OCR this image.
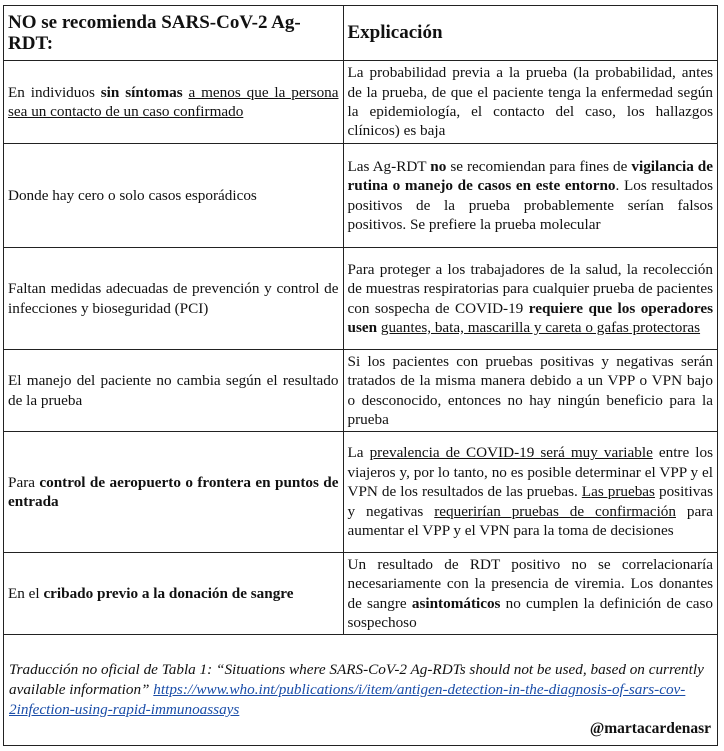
NO se recomienda SARS-CoV-2 Ag-RDT:	Explicación
En individuos sin síntomas a menos que la persona sea un contacto de un caso confirmado	La probabilidad previa a la prueba (la probabilidad, antes de la prueba, de que el paciente tenga la enfermedad según la epidemiología, el contacto del caso, los hallazgos clínicos) es baja
Donde hay cero o solo casos esporádicos	Las Ag-RDT no se recomiendan para fines de vigilancia de rutina o manejo de casos en este entorno. Los resultados positivos de la prueba probablemente serían falsos positivos. Se prefiere la prueba molecular
Faltan medidas adecuadas de prevención y control de infecciones y bioseguridad (PCI)	Para proteger a los trabajadores de la salud, la recolección de muestras respiratorias para cualquier prueba de pacientes con sospecha de COVID-19 requiere que los operadores usen guantes, bata, mascarilla y careta o gafas protectoras
El manejo del paciente no cambia según el resultado de la prueba	Si los pacientes con pruebas positivas y negativas serán tratados de la misma manera debido a un VPP o VPN bajo o desconocido, entonces no hay ningún beneficio para la prueba
Para control de aeropuerto o frontera en puntos de entrada	La prevalencia de COVID-19 será muy variable entre los viajeros y, por lo tanto, no es posible determinar el VPP y el VPN de los resultados de las pruebas. Las pruebas positivas y negativas requerirían pruebas de confirmación para aumentar el VPP y el VPN para la toma de decisiones
En el cribado previo a la donación de sangre	Un resultado de RDT positivo no se correlacionaría necesariamente con la presencia de viremia. Los donantes de sangre asintomáticos no cumplen la definición de caso sospechoso
Traducción no oficial de Tabla 1: “Situations where SARS-CoV-2 Ag-RDTs should not be used, based on currently available information” https://www.who.int/publications/i/item/antigen-detection-in-the-diagnosis-of-sars-cov-2infection-using-rapid-immunoassays
@martacardenasr
